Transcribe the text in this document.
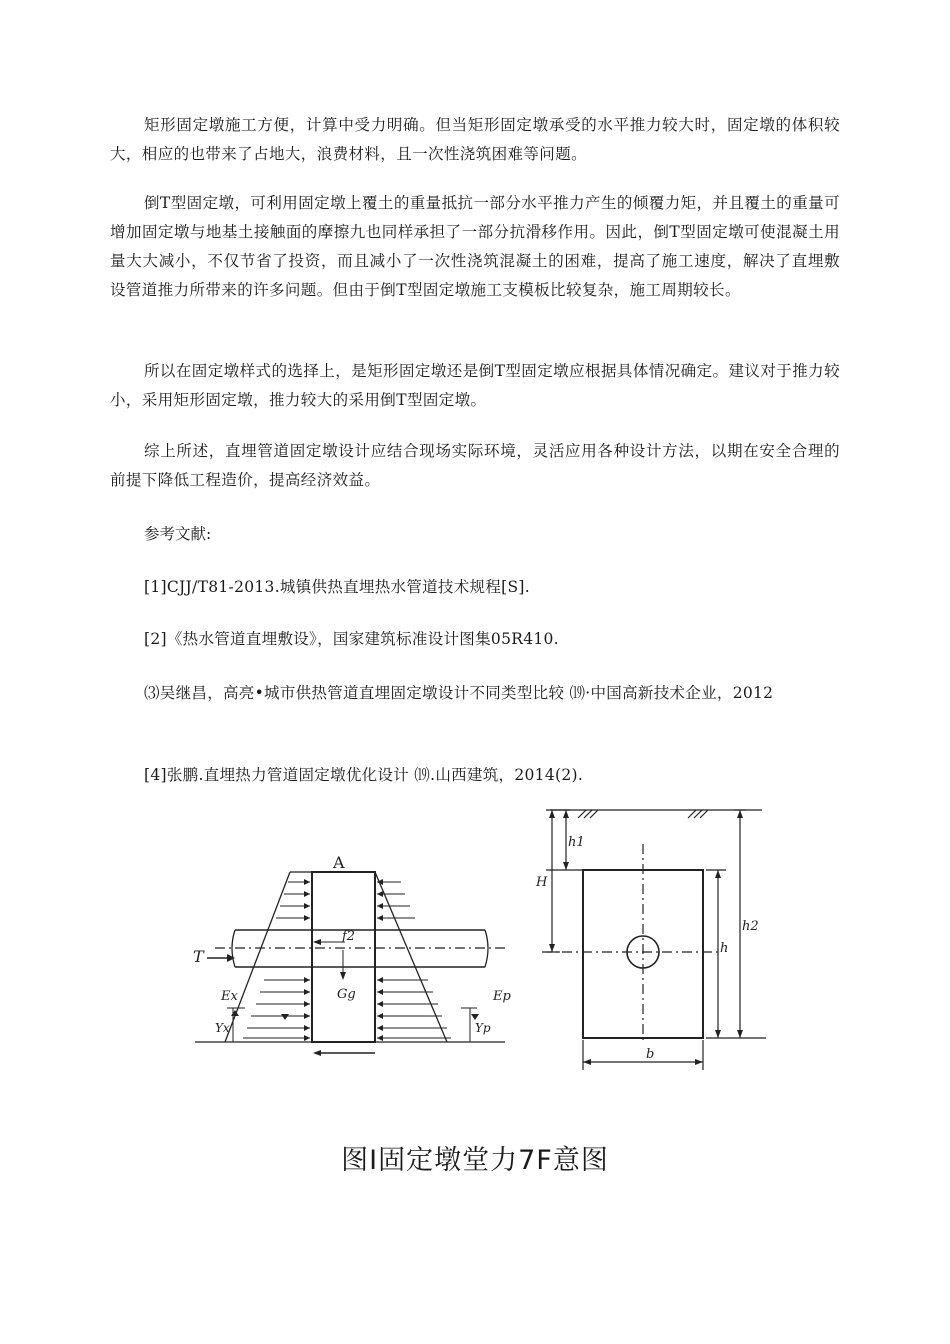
矩形固定墩施工方便，计算中受力明确。但当矩形固定墩承受的水平推力较大时，固定墩的体积较大，相应的也带来了占地大，浪费材料，且一次性浇筑困难等问题。

倒T型固定墩，可利用固定墩上覆土的重量抵抗一部分水平推力产生的倾覆力矩，并且覆土的重量可增加固定墩与地基土接触面的摩擦九也同样承担了一部分抗滑移作用。因此，倒T型固定墩可使混凝土用量大大减小，不仅节省了投资，而且减小了一次性浇筑混凝土的困难，提高了施工速度，解决了直埋敷设管道推力所带来的许多问题。但由于倒T型固定墩施工支模板比较复杂，施工周期较长。

所以在固定墩样式的选择上，是矩形固定墩还是倒T型固定墩应根据具体情况确定。建议对于推力较小，采用矩形固定墩，推力较大的采用倒T型固定墩。

综上所述，直埋管道固定墩设计应结合现场实际环境，灵活应用各种设计方法，以期在安全合理的前提下降低工程造价，提高经济效益。

参考文献:

[1]CJJ/T81-2013.城镇供热直埋热水管道技术规程[S].

[2]《热水管道直埋敷设》，国家建筑标准设计图集05R410.

⑶吴继昌，高亮•城市供热管道直埋固定墩设计不同类型比较 ⒆·中国高新技术企业，2012

[4]张鹏.直埋热力管道固定墩优化设计 ⒆.山西建筑，2014(2).

A
T
f2
Gg
Ex	Ep
Yx	Yp
h1
H
h
h2
b
图I固定墩堂力7F意图
